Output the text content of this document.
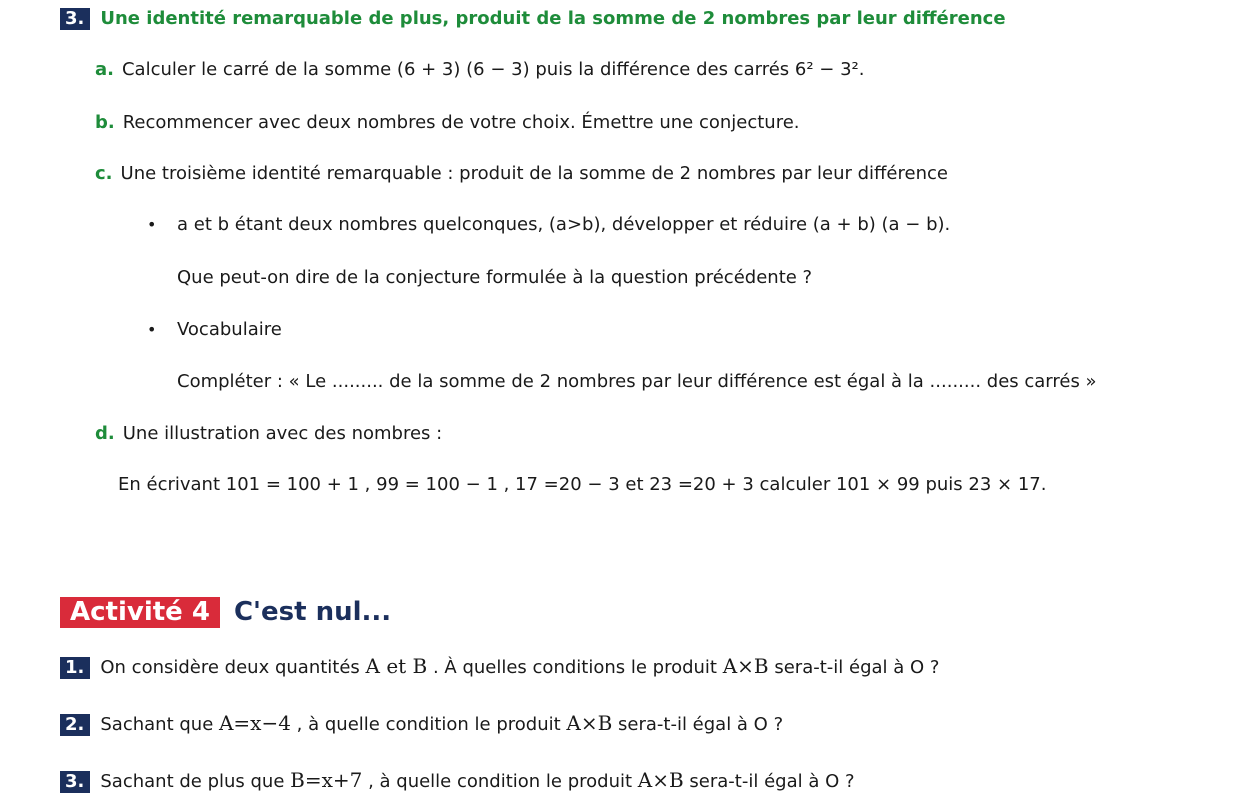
3. Une identité remarquable de plus, produit de la somme de 2 nombres par leur différence
a. Calculer le carré de la somme (6 + 3) (6 − 3) puis la différence des carrés 6² − 3².
b. Recommencer avec deux nombres de votre choix. Émettre une conjecture.
c. Une troisième identité remarquable : produit de la somme de 2 nombres par leur différence
• a et b étant deux nombres quelconques, (a>b), développer et réduire (a + b) (a − b).
Que peut-on dire de la conjecture formulée à la question précédente ?
• Vocabulaire
Compléter : « Le ......... de la somme de 2 nombres par leur différence est égal à la ......... des carrés »
d. Une illustration avec des nombres :
En écrivant 101 = 100 + 1 , 99 = 100 − 1 , 17 =20 − 3 et 23 =20 + 3 calculer 101 × 99 puis 23 × 17.
Activité 4 C'est nul...
1. On considère deux quantités A et B . À quelles conditions le produit A×B sera-t-il égal à O ?
2. Sachant que A=x−4 , à quelle condition le produit A×B sera-t-il égal à O ?
3. Sachant de plus que B=x+7 , à quelle condition le produit A×B sera-t-il égal à O ?
